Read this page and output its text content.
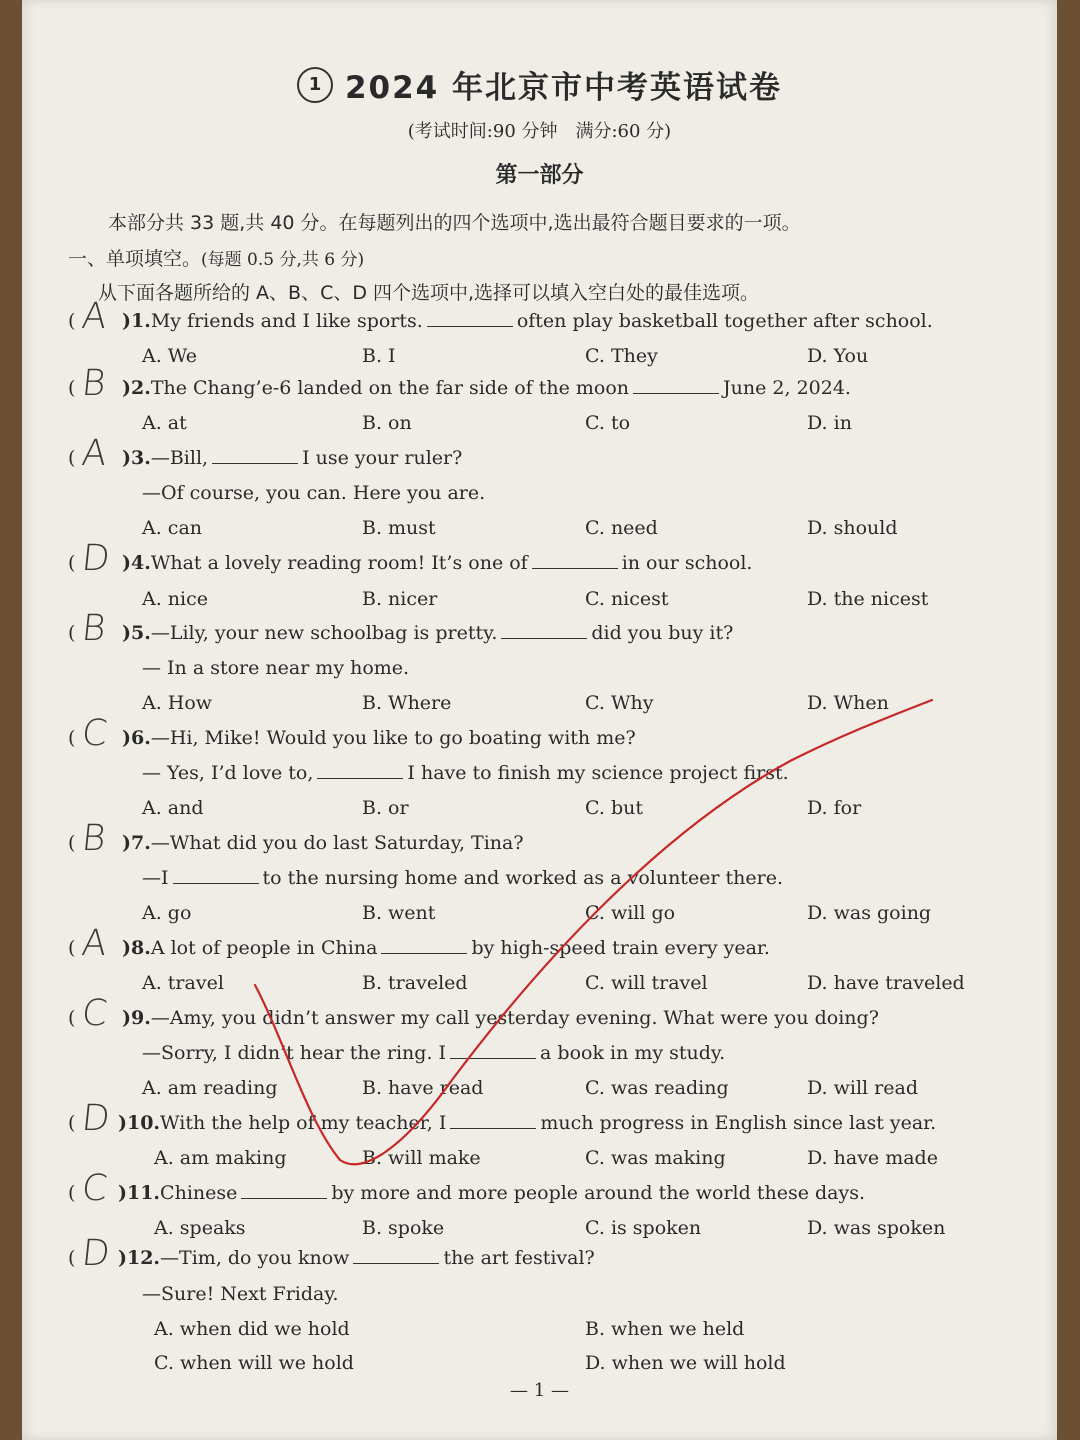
1 2024 年北京市中考英语试卷
(考试时间:90 分钟　满分:60 分)
第一部分
本部分共 33 题,共 40 分。在每题列出的四个选项中,选出最符合题目要求的一项。
一、单项填空。(每题 0.5 分,共 6 分)
从下面各题所给的 A、B、C、D 四个选项中,选择可以填入空白处的最佳选项。
( A )1.My friends and I like sports.	often play basketball together after school.
A. We	B. I	C. They	D. You
( B )2.The Chang’e-6 landed on the far side of the moon	June 2, 2024.
A. at	B. on	C. to	D. in
( A )3.—Bill,	I use your ruler?
—Of course, you can. Here you are.
A. can	B. must	C. need	D. should
( D )4.What a lovely reading room! It’s one of	in our school.
A. nice	B. nicer	C. nicest	D. the nicest
( B )5.—Lily, your new schoolbag is pretty.	did you buy it?
— In a store near my home.
A. How	B. Where	C. Why	D. When
( C )6.—Hi, Mike! Would you like to go boating with me?
— Yes, I’d love to,	I have to finish my science project first.
A. and	B. or	C. but	D. for
( B )7.—What did you do last Saturday, Tina?
—I	to the nursing home and worked as a volunteer there.
A. go	B. went	C. will go	D. was going
( A )8.A lot of people in China	by high-speed train every year.
A. travel	B. traveled	C. will travel	D. have traveled
( C )9.—Amy, you didn’t answer my call yesterday evening. What were you doing?
—Sorry, I didn’t hear the ring. I	a book in my study.
A. am reading	B. have read	C. was reading	D. will read
( D )10.With the help of my teacher, I	much progress in English since last year.
A. am making	B. will make	C. was making	D. have made
( C )11.Chinese	by more and more people around the world these days.
A. speaks	B. spoke	C. is spoken	D. was spoken
( D )12.—Tim, do you know	the art festival?
—Sure! Next Friday.
A. when did we hold	B. when we held
C. when will we hold	D. when we will hold
— 1 —
